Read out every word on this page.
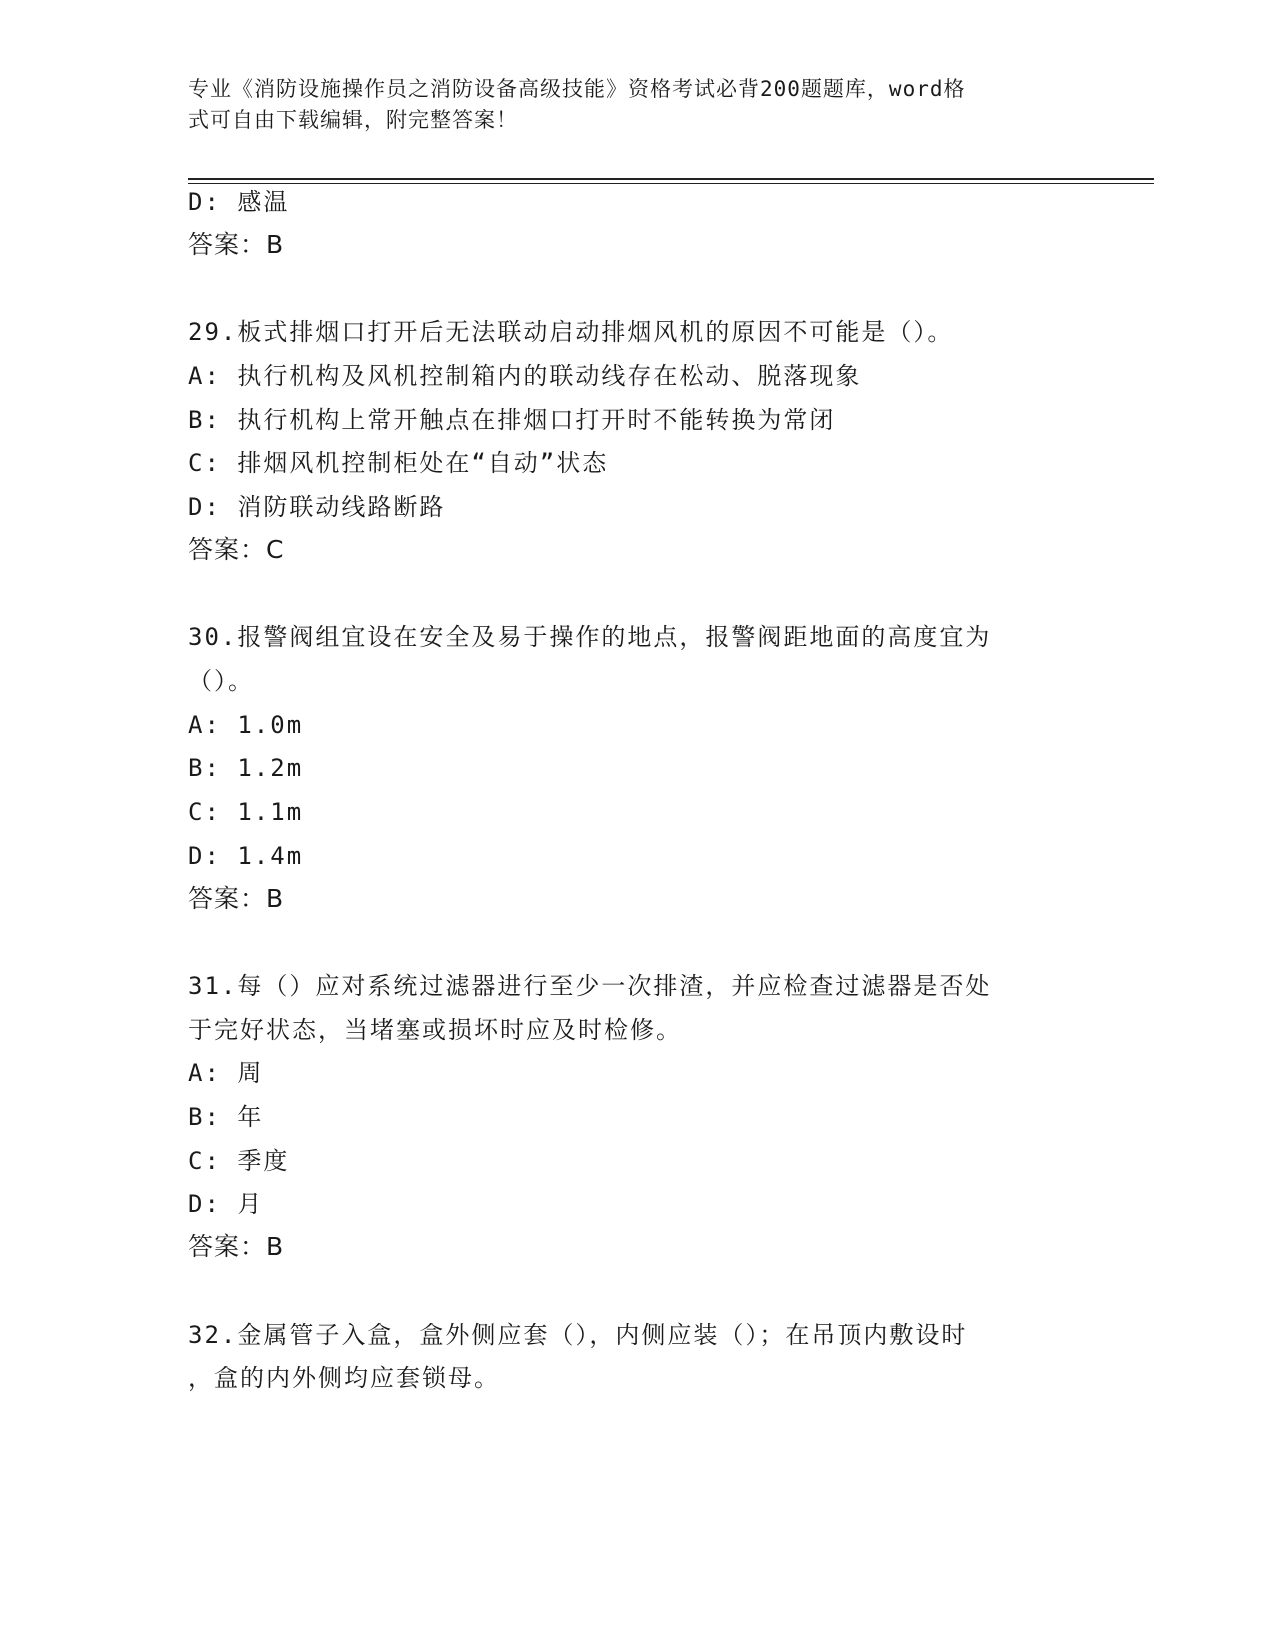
专业《消防设施操作员之消防设备高级技能》资格考试必背200题题库，word格
式可自由下载编辑，附完整答案！
D: 感温
答案：B
29.板式排烟口打开后无法联动启动排烟风机的原因不可能是（）。
A: 执行机构及风机控制箱内的联动线存在松动、脱落现象
B: 执行机构上常开触点在排烟口打开时不能转换为常闭
C: 排烟风机控制柜处在“自动”状态
D: 消防联动线路断路
答案：C
30.报警阀组宜设在安全及易于操作的地点，报警阀距地面的高度宜为
（）。
A: 1.0m
B: 1.2m
C: 1.1m
D: 1.4m
答案：B
31.每（）应对系统过滤器进行至少一次排渣，并应检查过滤器是否处
于完好状态，当堵塞或损坏时应及时检修。
A: 周
B: 年
C: 季度
D: 月
答案：B
32.金属管子入盒，盒外侧应套（），内侧应装（）；在吊顶内敷设时
，盒的内外侧均应套锁母。
